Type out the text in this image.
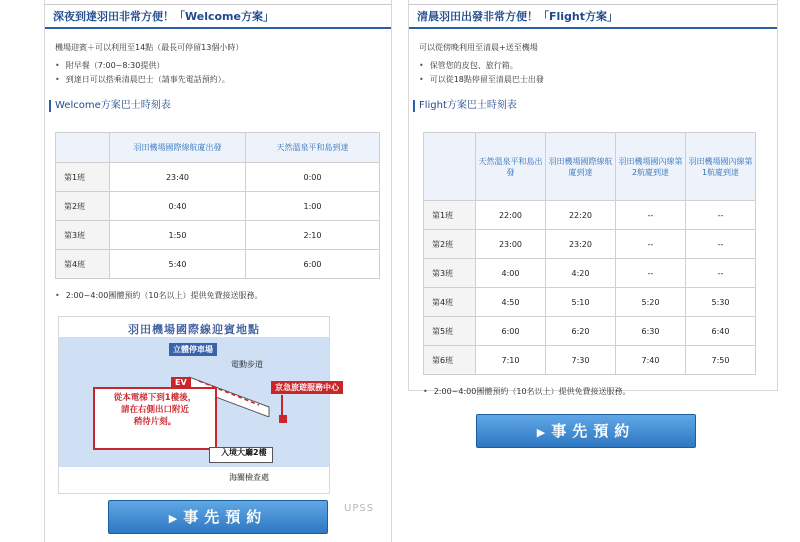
深夜到達羽田非常方便！「Welcome方案」
機場迎賓＋可以利用至14點（最長可停留13個小時）
• 附早餐（7:00~8:30提供）
• 到達日可以搭乘清晨巴士（請事先電話預約）。
Welcome方案巴士時刻表
	羽田機場國際線航廈出發	天然溫泉平和島到達
第1班	23:40	0:00
第2班	0:40	1:00
第3班	1:50	2:10
第4班	5:40	6:00
• 2:00~4:00團體預約（10名以上）提供免費接送服務。
羽田機場國際線迎賓地點
立體停車場
電動步道
EV
京急旅遊服務中心
從本電梯下到1樓後，
請在右側出口附近
稍待片刻。
入境大廳2樓
海關檢查處
▶ 事先預約	UPSS
清晨羽田出發非常方便！「Flight方案」
可以從傍晚利用至清晨+送至機場
• 保管您的皮包、旅行箱。
• 可以從18點停留至清晨巴士出發
Flight方案巴士時刻表
	天然溫泉平和島出發	羽田機場國際線航廈到達	羽田機場國內線第2航廈到達	羽田機場國內線第1航廈到達
第1班	22:00	22:20	--	--
第2班	23:00	23:20	--	--
第3班	4:00	4:20	--	--
第4班	4:50	5:10	5:20	5:30
第5班	6:00	6:20	6:30	6:40
第6班	7:10	7:30	7:40	7:50
• 2:00~4:00團體預約（10名以上）提供免費接送服務。
▶ 事先預約
